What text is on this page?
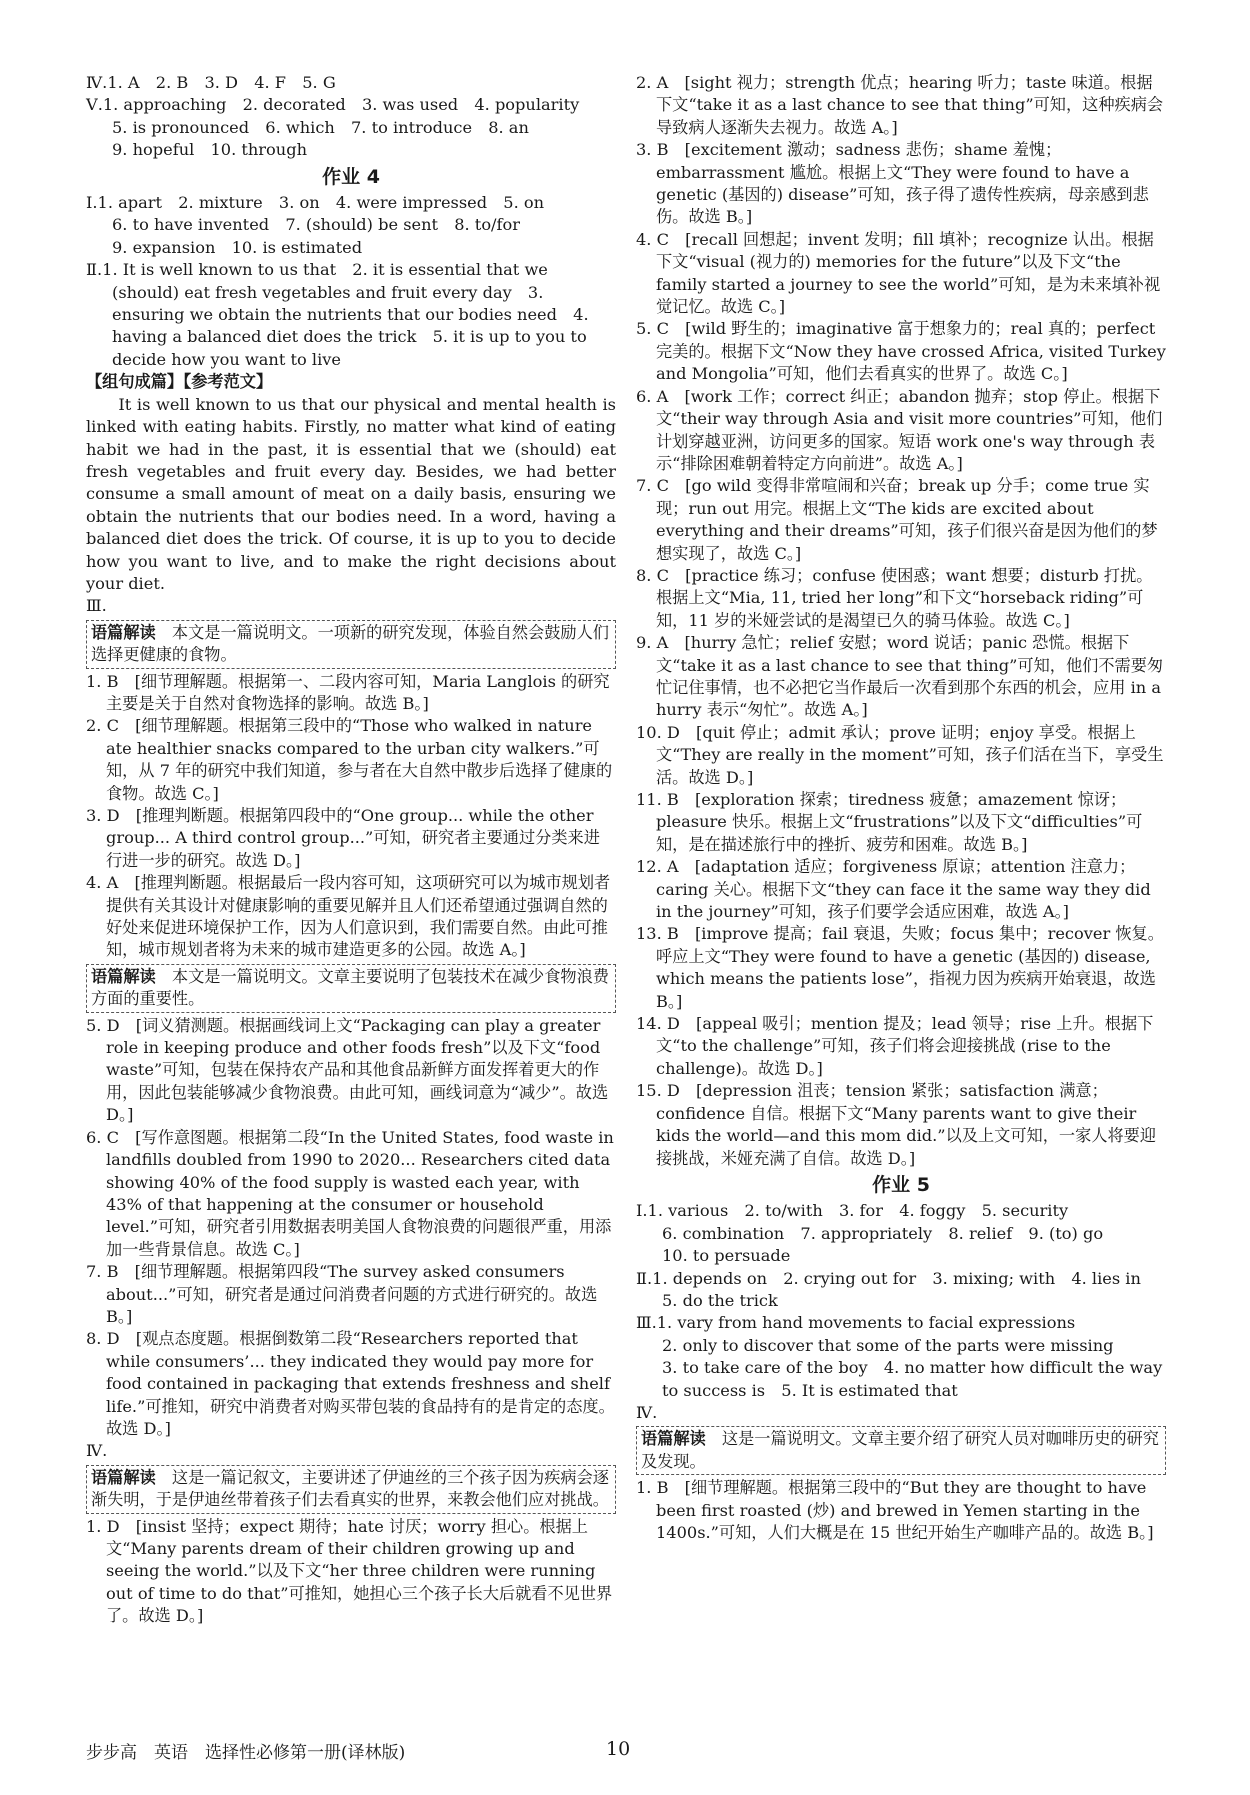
Ⅳ.1. A　2. B　3. D　4. F　5. G
Ⅴ.1. approaching　2. decorated　3. was used　4. popularity
5. is pronounced　6. which　7. to introduce　8. an
9. hopeful　10. through
作业 4
Ⅰ.1. apart　2. mixture　3. on　4. were impressed　5. on
6. to have invented　7. (should) be sent　8. to/for
9. expansion　10. is estimated
Ⅱ.1. It is well known to us that　2. it is essential that we (should) eat fresh vegetables and fruit every day　3. ensuring we obtain the nutrients that our bodies need　4. having a balanced diet does the trick　5. it is up to you to decide how you want to live
【组句成篇】【参考范文】
It is well known to us that our physical and mental health is linked with eating habits. Firstly, no matter what kind of eating habit we had in the past, it is essential that we (should) eat fresh vegetables and fruit every day. Besides, we had better consume a small amount of meat on a daily basis, ensuring we obtain the nutrients that our bodies need. In a word, having a balanced diet does the trick. Of course, it is up to you to decide how you want to live, and to make the right decisions about your diet.
Ⅲ.
语篇解读　本文是一篇说明文。一项新的研究发现，体验自然会鼓励人们选择更健康的食物。
1. B　[细节理解题。根据第一、二段内容可知，Maria Langlois 的研究主要是关于自然对食物选择的影响。故选 B。]
2. C　[细节理解题。根据第三段中的“Those who walked in nature ate healthier snacks compared to the urban city walkers.”可知，从 7 年的研究中我们知道，参与者在大自然中散步后选择了健康的食物。故选 C。]
3. D　[推理判断题。根据第四段中的“One group... while the other group... A third control group...”可知，研究者主要通过分类来进行进一步的研究。故选 D。]
4. A　[推理判断题。根据最后一段内容可知，这项研究可以为城市规划者提供有关其设计对健康影响的重要见解并且人们还希望通过强调自然的好处来促进环境保护工作，因为人们意识到，我们需要自然。由此可推知，城市规划者将为未来的城市建造更多的公园。故选 A。]
语篇解读　本文是一篇说明文。文章主要说明了包装技术在减少食物浪费方面的重要性。
5. D　[词义猜测题。根据画线词上文“Packaging can play a greater role in keeping produce and other foods fresh”以及下文“food waste”可知，包装在保持农产品和其他食品新鲜方面发挥着更大的作用，因此包装能够减少食物浪费。由此可知，画线词意为“减少”。故选 D。]
6. C　[写作意图题。根据第二段“In the United States, food waste in landfills doubled from 1990 to 2020... Researchers cited data showing 40% of the food supply is wasted each year, with 43% of that happening at the consumer or household level.”可知，研究者引用数据表明美国人食物浪费的问题很严重，用添加一些背景信息。故选 C。]
7. B　[细节理解题。根据第四段“The survey asked consumers about...”可知，研究者是通过问消费者问题的方式进行研究的。故选 B。]
8. D　[观点态度题。根据倒数第二段“Researchers reported that while consumers’... they indicated they would pay more for food contained in packaging that extends freshness and shelf life.”可推知，研究中消费者对购买带包装的食品持有的是肯定的态度。故选 D。]
Ⅳ.
语篇解读　这是一篇记叙文，主要讲述了伊迪丝的三个孩子因为疾病会逐渐失明，于是伊迪丝带着孩子们去看真实的世界，来教会他们应对挑战。
1. D　[insist 坚持；expect 期待；hate 讨厌；worry 担心。根据上文“Many parents dream of their children growing up and seeing the world.”以及下文“her three children were running out of time to do that”可推知，她担心三个孩子长大后就看不见世界了。故选 D。]
2. A　[sight 视力；strength 优点；hearing 听力；taste 味道。根据下文“take it as a last chance to see that thing”可知，这种疾病会导致病人逐渐失去视力。故选 A。]
3. B　[excitement 激动；sadness 悲伤；shame 羞愧；embarrassment 尴尬。根据上文“They were found to have a genetic (基因的) disease”可知，孩子得了遗传性疾病，母亲感到悲伤。故选 B。]
4. C　[recall 回想起；invent 发明；fill 填补；recognize 认出。根据下文“visual (视力的) memories for the future”以及下文“the family started a journey to see the world”可知，是为未来填补视觉记忆。故选 C。]
5. C　[wild 野生的；imaginative 富于想象力的；real 真的；perfect 完美的。根据下文“Now they have crossed Africa, visited Turkey and Mongolia”可知，他们去看真实的世界了。故选 C。]
6. A　[work 工作；correct 纠正；abandon 抛弃；stop 停止。根据下文“their way through Asia and visit more countries”可知，他们计划穿越亚洲，访问更多的国家。短语 work one's way through 表示“排除困难朝着特定方向前进”。故选 A。]
7. C　[go wild 变得非常喧闹和兴奋；break up 分手；come true 实现；run out 用完。根据上文“The kids are excited about everything and their dreams”可知，孩子们很兴奋是因为他们的梦想实现了，故选 C。]
8. C　[practice 练习；confuse 使困惑；want 想要；disturb 打扰。根据上文“Mia, 11, tried her long”和下文“horseback riding”可知，11 岁的米娅尝试的是渴望已久的骑马体验。故选 C。]
9. A　[hurry 急忙；relief 安慰；word 说话；panic 恐慌。根据下文“take it as a last chance to see that thing”可知，他们不需要匆忙记住事情，也不必把它当作最后一次看到那个东西的机会，应用 in a hurry 表示“匆忙”。故选 A。]
10. D　[quit 停止；admit 承认；prove 证明；enjoy 享受。根据上文“They are really in the moment”可知，孩子们活在当下，享受生活。故选 D。]
11. B　[exploration 探索；tiredness 疲惫；amazement 惊讶；pleasure 快乐。根据上文“frustrations”以及下文“difficulties”可知，是在描述旅行中的挫折、疲劳和困难。故选 B。]
12. A　[adaptation 适应；forgiveness 原谅；attention 注意力；caring 关心。根据下文“they can face it the same way they did in the journey”可知，孩子们要学会适应困难，故选 A。]
13. B　[improve 提高；fail 衰退，失败；focus 集中；recover 恢复。呼应上文“They were found to have a genetic (基因的) disease, which means the patients lose”，指视力因为疾病开始衰退，故选 B。]
14. D　[appeal 吸引；mention 提及；lead 领导；rise 上升。根据下文“to the challenge”可知，孩子们将会迎接挑战 (rise to the challenge)。故选 D。]
15. D　[depression 沮丧；tension 紧张；satisfaction 满意；confidence 自信。根据下文“Many parents want to give their kids the world—and this mom did.”以及上文可知，一家人将要迎接挑战，米娅充满了自信。故选 D。]
作业 5
Ⅰ.1. various　2. to/with　3. for　4. foggy　5. security
6. combination　7. appropriately　8. relief　9. (to) go
10. to persuade
Ⅱ.1. depends on　2. crying out for　3. mixing; with　4. lies in　5. do the trick
Ⅲ.1. vary from hand movements to facial expressions
2. only to discover that some of the parts were missing
3. to take care of the boy　4. no matter how difficult the way to success is　5. It is estimated that
Ⅳ.
语篇解读　这是一篇说明文。文章主要介绍了研究人员对咖啡历史的研究及发现。
1. B　[细节理解题。根据第三段中的“But they are thought to have been first roasted (炒) and brewed in Yemen starting in the 1400s.”可知，人们大概是在 15 世纪开始生产咖啡产品的。故选 B。]
步步高　英语　选择性必修第一册(译林版)	10
